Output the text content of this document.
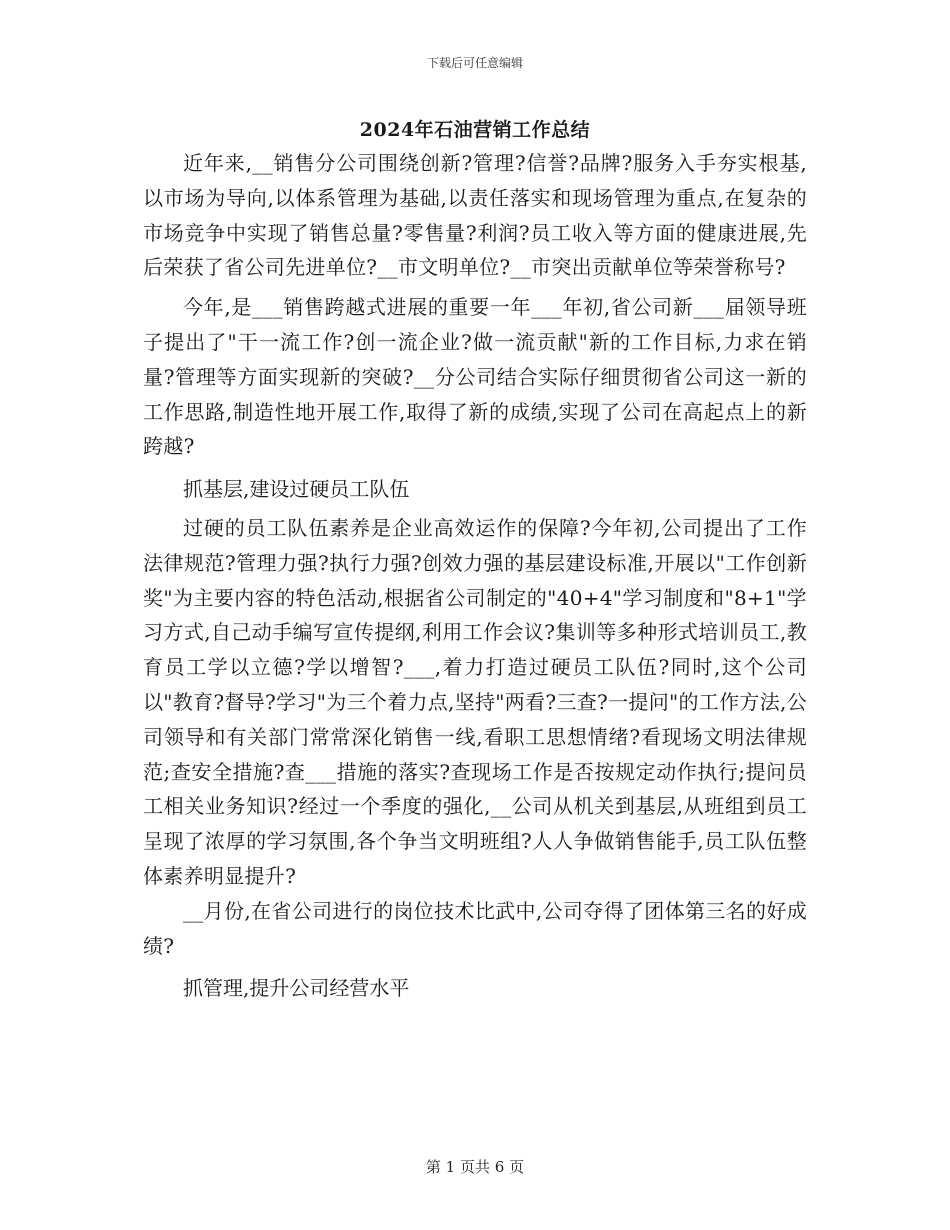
下载后可任意编辑
2024年石油营销工作总结

近年来,__销售分公司围绕创新?管理?信誉?品牌?服务入手夯实根基,以市场为导向,以体系管理为基础,以责任落实和现场管理为重点,在复杂的市场竞争中实现了销售总量?零售量?利润?员工收入等方面的健康进展,先后荣获了省公司先进单位?__市文明单位?__市突出贡献单位等荣誉称号?

今年,是___销售跨越式进展的重要一年___年初,省公司新___届领导班子提出了"干一流工作?创一流企业?做一流贡献"新的工作目标,力求在销量?管理等方面实现新的突破?__分公司结合实际仔细贯彻省公司这一新的工作思路,制造性地开展工作,取得了新的成绩,实现了公司在高起点上的新跨越?

抓基层,建设过硬员工队伍

过硬的员工队伍素养是企业高效运作的保障?今年初,公司提出了工作法律规范?管理力强?执行力强?创效力强的基层建设标准,开展以"工作创新奖"为主要内容的特色活动,根据省公司制定的"40+4"学习制度和"8+1"学习方式,自己动手编写宣传提纲,利用工作会议?集训等多种形式培训员工,教育员工学以立德?学以增智?___,着力打造过硬员工队伍?同时,这个公司以"教育?督导?学习"为三个着力点,坚持"两看?三查?一提问"的工作方法,公司领导和有关部门常常深化销售一线,看职工思想情绪?看现场文明法律规范;查安全措施?查___措施的落实?查现场工作是否按规定动作执行;提问员工相关业务知识?经过一个季度的强化,__公司从机关到基层,从班组到员工呈现了浓厚的学习氛围,各个争当文明班组?人人争做销售能手,员工队伍整体素养明显提升?

__月份,在省公司进行的岗位技术比武中,公司夺得了团体第三名的好成绩?

抓管理,提升公司经营水平

第 1 页共 6 页
